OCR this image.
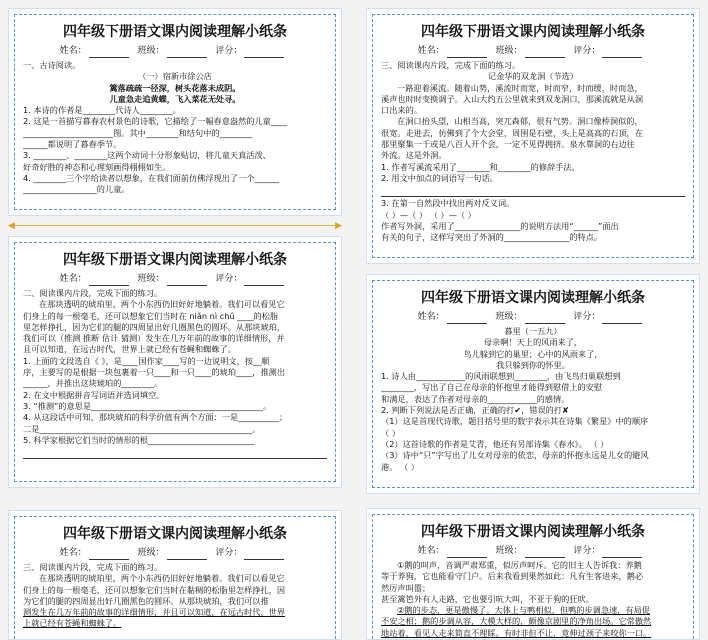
四年级下册语文课内阅读理解小纸条
姓名：	班级：	评分：
一、古诗阅读。
（一）宿新市徐公店
篱落疏疏一径深，树头花落未成阴。
儿童急走追黄蝶，飞入菜花无处寻。
1. 本诗的作者是________代诗人________。
2. 这是一首描写暮春农村景色的诗歌，它描绘了一幅春意盎然的儿童____
______________________图。其中________和结句中的________
______都说明了暮春季节。
3. ________、________这两个动词十分形象贴切，将儿童天真活泼、
好奇好胜的神态和心理刻画得栩栩如生。
4. ________三个字给读者以想象，在我们面前仿佛浮现出了一个______
__________________的儿童。
◀	▶
四年级下册语文课内阅读理解小纸条
姓名：	班级：	评分：
二、阅读课内片段，完成下面的练习。
在那块透明的琥珀里，两个小东西仍旧好好地躺着。我们可以看见它
们身上的每一根毫毛，还可以想象它们当时在 niǎn nì chǔ ____的松脂
里怎样挣扎，因为它们的腿的四周显出好几圈黑色的圆环。从那块琥珀，
我们可以（推测 推断 估计 猜测）发生在几万年前的故事的详细情形，并
且可以知道，在远古时代，世界上就已经有苍蝇和蜘蛛了。
1. 上面的文段选自《 》，是____国作家____写的一边说明文，按__顺
序，主要写的是根据一块包裹着一只____和一只____的琥珀____，推测出
______，并推出这块琥珀的________。
2. 在文中根据拼音写词语并选词填空。
3. “推测”的意思是__________________________________________。
4. 从这段话中可知，那块琥珀的科学价值有两个方面：一是__________；
二是____________________________________________________。
5. 科学家根据它们当时的情形的根__________________________
四年级下册语文课内阅读理解小纸条
姓名：	班级：	评分：
三、阅读课内片段，完成下面的练习。
在那块透明的琥珀里，两个小东西仍旧好好地躺着。我们可以看见它
们身上的每一根毫毛，还可以想象它们当时在黏稠的松脂里怎样挣扎，因
为它们的腿的四周显出好几圈黑色的圆环。从那块琥珀，我们可以推
测发生在几万年前的故事的详细情形，并且可以知道，在远古时代，世界
上就已经有苍蝇和蜘蛛了。
四年级下册语文课内阅读理解小纸条
姓名：	班级：	评分：
三、阅读课内片段，完成下面的练习。
记金华的双龙洞（节选）
一路迎着溪流。随着山势，溪流时而宽，时而窄，时而缓，时而急，
溪声也时时变换调子。入山大约五公里就来到双龙洞口，那溪流就是从洞
口出来的。
在洞口抬头望，山相当高，突兀森郁，很有气势。洞口像桥洞似的，
很宽。走进去，仿佛到了个大会堂，周围是石壁，头上是高高的石顶，在
那里聚集一千或是八百人开个会，一定不见得拥挤。泉水靠洞的右边往
外流。这是外洞。
1. 作者写溪流采用了________和________的修辞手法。
2. 用文中加点的词语写一句话。
3. 在第一自然段中找出两对反义词。
（ ）—（ ） （ ）—（ ）
作者写外洞，采用了________________的说明方法用“______”面出
有关的句子，这样写突出了外洞的________________的特点。
四年级下册语文课内阅读理解小纸条
姓名：	班级：	评分：
暮里（一五九）
母亲啊！天上的风雨来了，
鸟儿躲到它的巢里；心中的风雨来了，
我只躲到你的怀里。
1. 诗人由____________的风雨联想到________，由飞鸟归巢联想到
________，写出了自己在母亲的怀抱里才能得到慰借上的安慰
和满足，表达了作者对母亲的____________的感情。
2. 判断下列说法是否正确，正确的打✔，错误的打✘
（1）这是首现代诗歌，题目括号里的数字表示其在诗集《繁星》中的顺序
（ ）
（2）这首诗歌的作者是艾青，他还有另部诗集《春水》。 （ ）
（3）诗中“只”字写出了儿女对母亲的依恋，母亲的怀抱永远是儿女的避风
港。 （ ）
四年级下册语文课内阅读理解小纸条
姓名：	班级：	评分：
①鹅的叫声，音调严肃郑重，似厉声呵斥。它的旧主人告诉我：养鹅
等于养狗，它也能看守门户。后来我看到果然如此：凡有生客进来，鹅必
然厉声叫嚣；
甚至篱笆外有人走路，它也要引吭大叫，不亚于狗的狂吠。
②鹅的步态，更是傲慢了。大体上与鸭相似，但鸭的步调急速，有局促
不安之相；鹅的步调从容，大模大样的，颇像京剧里的净角出场。它常傲然
地站着，看见人走来简直不理睬。有时非但不让，竟伸过颈子来咬你一口。
